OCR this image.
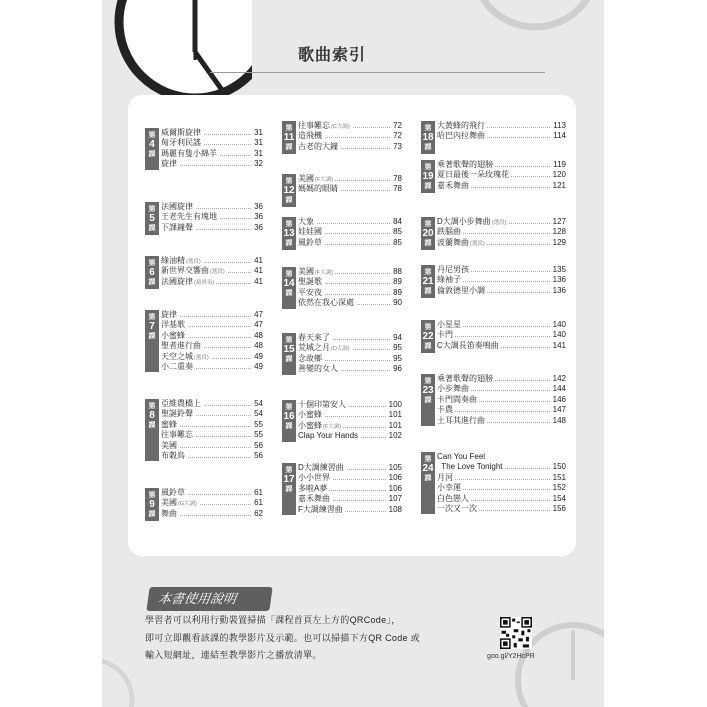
歌曲索引
第
4
課
威爾斯旋律	31
甸牙利民謠	31
瑪麗有隻小綿羊	31
旋律	32
第
5
課
法國旋律	36
王老先生有塊地	36
下課鐘聲	36
第
6
課
綠油精(選段)	41
新世界交響曲(選段)	41
法國旋律(藉滑奏)	41
第
7
課
旋律	47
洋基歌	47
小蜜蜂	48
聖者進行曲	48
天空之城(選段)	49
小二重奏	49
第
8
課
亞維農橋上	54
聖誕鈴聲	54
蜜蜂	55
往事難忘	55
美國	56
布穀鳥	56
第
9
課
風鈴草	61
美國(G大調)	61
舞曲	62
第
11
課
往事難忘(C大調)	72
造飛機	72
古老的大鐘	73
第
12
課
美國(F大調)	78
媽媽的眼睛	78
第
13
課
大象	84
娃娃國	85
風鈴草	85
第
14
課
美國(F大調)	88
聖誕歌	89
平安夜	89
依然在我心深處	90
第
15
課
春天來了	94
荒城之月(D大調)	95
念故鄉	95
善變的女人	96
第
16
課
十個印第安人	100
小蜜蜂	101
小蜜蜂(F大調)	101
Clap Your Hands	102
第
17
課
D大調練習曲	105
小小世界	106
多啦A夢	106
嘉禾舞曲	107
F大調練習曲	108
第
18
課
大黃蜂的飛行	113
哈巴內拉舞曲	114
第
19
課
乘著歌聲的翅膀	119
夏日最後一朵玫瑰花	120
嘉禾舞曲	121
第
20
課
D大調小步舞曲(選段)	127
跌腦曲	128
波蘭舞曲(選段)	129
第
21
課
丹尼男孩	135
綠袖子	136
倫敦德里小調	136
第
22
課
小星星	140
卡門	140
C大調長笛奏鳴曲	141
第
23
課
乘著歌聲的翅膀	142
小步舞曲	144
卡門間奏曲	146
卡農	147
土耳其進行曲	148
第
24
課
Can You Feel
The Love Tonight	150
月河	151
小幸運	152
白色戀人	154
一次又一次	156
本書使用說明
學習者可以利用行動裝置掃描「課程首頁左上方的QRCode」，
即可立即觀看該課的教學影片及示範。也可以掃描下方QR Code 或
輸入短網址，連結至教學影片之播放清單。	goo.gl/Y2HcPR
